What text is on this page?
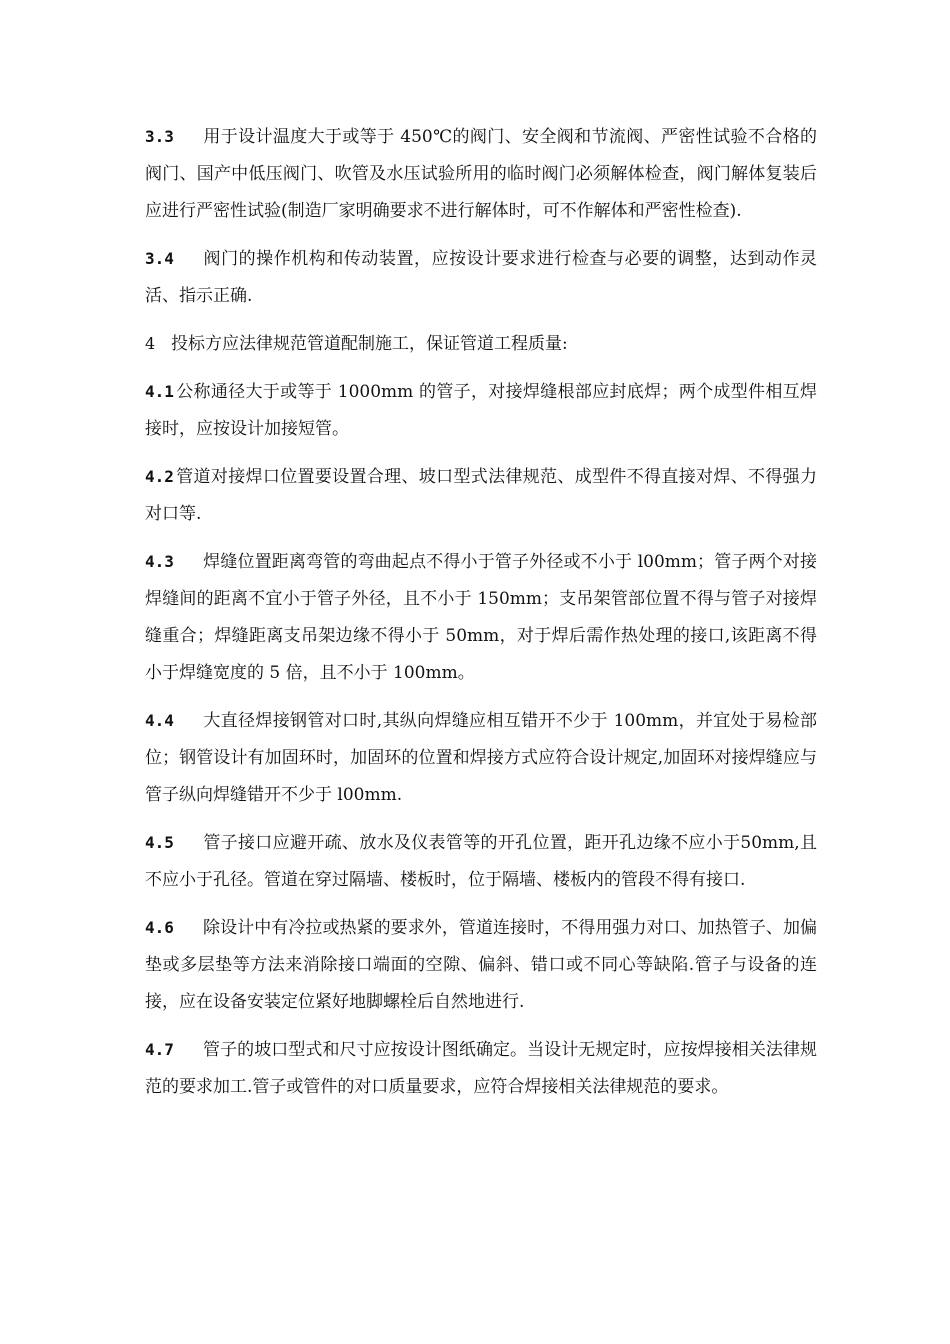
3.3 用于设计温度大于或等于 450℃的阀门、安全阀和节流阀、严密性试验不合格的阀门、国产中低压阀门、吹管及水压试验所用的临时阀门必须解体检查，阀门解体复装后应进行严密性试验(制造厂家明确要求不进行解体时，可不作解体和严密性检查).

3.4 阀门的操作机构和传动装置，应按设计要求进行检查与必要的调整，达到动作灵活、指示正确.

4 投标方应法律规范管道配制施工，保证管道工程质量:

4.1 公称通径大于或等于 1000mm 的管子，对接焊缝根部应封底焊；两个成型件相互焊接时，应按设计加接短管。

4.2 管道对接焊口位置要设置合理、坡口型式法律规范、成型件不得直接对焊、不得强力对口等.

4.3 焊缝位置距离弯管的弯曲起点不得小于管子外径或不小于 l00mm；管子两个对接焊缝间的距离不宜小于管子外径，且不小于 150mm；支吊架管部位置不得与管子对接焊缝重合；焊缝距离支吊架边缘不得小于 50mm，对于焊后需作热处理的接口,该距离不得小于焊缝宽度的 5 倍，且不小于 100mm。

4.4 大直径焊接钢管对口时,其纵向焊缝应相互错开不少于 100mm，并宜处于易检部位；钢管设计有加固环时，加固环的位置和焊接方式应符合设计规定,加固环对接焊缝应与管子纵向焊缝错开不少于 l00mm.

4.5 管子接口应避开疏、放水及仪表管等的开孔位置，距开孔边缘不应小于50mm,且不应小于孔径。管道在穿过隔墙、楼板时，位于隔墙、楼板内的管段不得有接口.

4.6 除设计中有冷拉或热紧的要求外，管道连接时，不得用强力对口、加热管子、加偏垫或多层垫等方法来消除接口端面的空隙、偏斜、错口或不同心等缺陷.管子与设备的连接，应在设备安装定位紧好地脚螺栓后自然地进行.

4.7 管子的坡口型式和尺寸应按设计图纸确定。当设计无规定时，应按焊接相关法律规范的要求加工.管子或管件的对口质量要求，应符合焊接相关法律规范的要求。
